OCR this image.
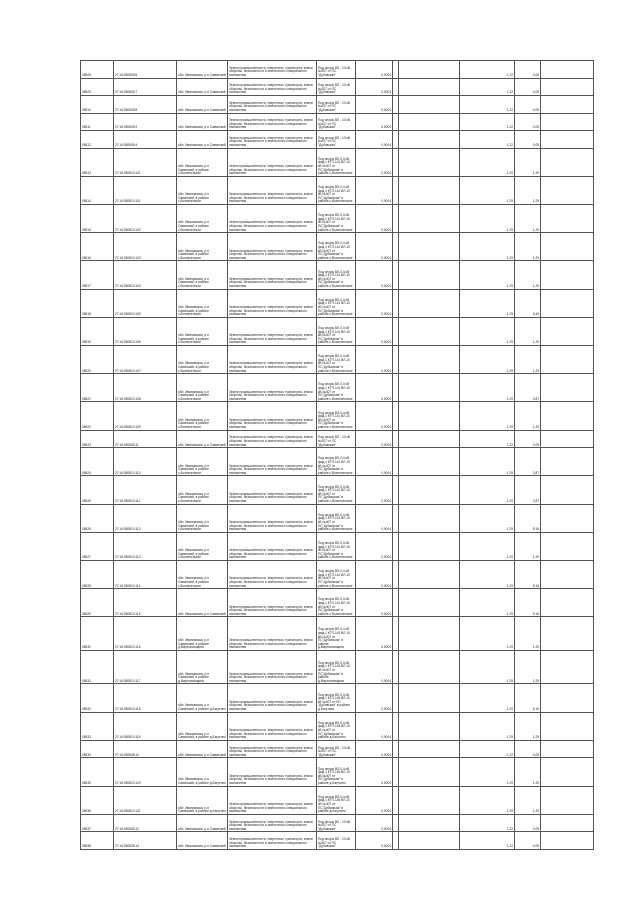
08508	27:16:050805:6	обл. Ивановская, р-н Савинский	Земли промышленности, энергетики, транспорта, земли обороны, безопасности и земли иного специального назначения	Под опоры ВЛ - 10 кВ №407 от ПС "Дубовская"	0,0004			1,22	0,05	
08509	27:16:050805:7	обл. Ивановская, р-н Савинский	Земли промышленности, энергетики, транспорта, земли обороны, безопасности и земли иного специального назначения	Под опоры ВЛ - 10 кВ №407 от ПС "Дубовская"	0,0004			1,22	0,05	
08510	27:16:050805:8	обл. Ивановская, р-н Савинский	Земли промышленности, энергетики, транспорта, земли обороны, безопасности и земли иного специального назначения	Под опоры ВЛ - 10 кВ №407 от ПС "Дубовская"	0,0004			1,22	0,05	
08511	27:16:050805:9	обл. Ивановская, р-н Савинский	Земли промышленности, энергетики, транспорта, земли обороны, безопасности и земли иного специального назначения	Под опоры ВЛ - 10 кВ №407 от ПС "Дубовская"	0,0004			1,22	0,05	
08512	27:16:050805:4	обл. Ивановская, р-н Савинский	Земли промышленности, энергетики, транспорта, земли обороны, безопасности и земли иного специального назначения	Под опоры ВЛ - 10 кВ №407 от ПС "Дубовская"	0,0004			1,22	0,05	
08513	27:16:050810:101	обл. Ивановская, р-н Савинский, в районе с.Вознесенское	Земли промышленности, энергетики, транспорта, земли обороны, безопасности и земли иного специального назначения	Под опоры ВЛ-0,4 кВ фид.1 КТП-141 ВЛ-10 кВ №407 от ПС"Дубовская" в районе с.Вознесенское	0,0004			1,29	1,29	
08514	27:16:050810:101	обл. Ивановская, р-н Савинский, в районе с.Вознесенское	Земли промышленности, энергетики, транспорта, земли обороны, безопасности и земли иного специального назначения	Под опоры ВЛ-0,4 кВ фид.1 КТП-141 ВЛ-10 кВ №407 от ПС"Дубовская" в районе с.Вознесенское	0,0004			1,29	1,29	
08515	27:16:050810:102	обл. Ивановская, р-н Савинский, в районе с.Вознесенское	Земли промышленности, энергетики, транспорта, земли обороны, безопасности и земли иного специального назначения	Под опоры ВЛ-0,4 кВ фид.1 КТП-141 ВЛ-10 кВ №407 от ПС"Дубовская" в районе с.Вознесенское	0,0004			1,29	1,29	
08516	27:16:050810:103	обл. Ивановская, р-н Савинский, в районе с.Вознесенское	Земли промышленности, энергетики, транспорта, земли обороны, безопасности и земли иного специального назначения	Под опоры ВЛ-0,4 кВ фид.1 КТП-141 ВЛ-10 кВ №407 от ПС"Дубовская" в районе с.Вознесенское	0,0004			1,29	1,29	
08517	27:16:050810:104	обл. Ивановская, р-н Савинский, в районе с.Вознесенское	Земли промышленности, энергетики, транспорта, земли обороны, безопасности и земли иного специального назначения	Под опоры ВЛ-0,4 кВ фид.1 КТП-141 ВЛ-10 кВ №407 от ПС"Дубовская" в районе с.Вознесенское	0,0004			1,29	1,29	
08518	27:16:050810:105	обл. Ивановская, р-н Савинский, в районе с.Вознесенское	Земли промышленности, энергетики, транспорта, земли обороны, безопасности и земли иного специального назначения	Под опоры ВЛ-0,4 кВ фид.1 КТП-141 ВЛ-10 кВ №407 от ПС"Дубовская" в районе с.Вознесенское	0,0004			1,29	5,45	
08519	27:16:050810:106	обл. Ивановская, р-н Савинский, в районе с.Вознесенское	Земли промышленности, энергетики, транспорта, земли обороны, безопасности и земли иного специального назначения	Под опоры ВЛ-0,4 кВ фид.1 КТП-141 ВЛ-10 кВ №407 от ПС"Дубовская" в районе с.Вознесенское	0,0004			1,29	1,29	
08520	27:16:050810:107	обл. Ивановская, р-н Савинский, в районе с.Вознесенское	Земли промышленности, энергетики, транспорта, земли обороны, безопасности и земли иного специального назначения	Под опоры ВЛ-0,4 кВ фид.1 КТП-141 ВЛ-10 кВ №407 от ПС"Дубовская" в районе с.Вознесенское	0,0004			1,29	1,29	
08521	27:16:050810:108	обл. Ивановская, р-н Савинский, в районе с.Вознесенское	Земли промышленности, энергетики, транспорта, земли обороны, безопасности и земли иного специального назначения	Под опоры ВЛ-0,4 кВ фид.1 КТП-141 ВЛ-10 кВ №407 от ПС"Дубовская" в районе с.Вознесенское	0,0004			1,29	3,87	
08522	27:16:050810:109	обл. Ивановская, р-н Савинский, в районе с.Вознесенское	Земли промышленности, энергетики, транспорта, земли обороны, безопасности и земли иного специального назначения	Под опоры ВЛ-0,4 кВ фид.1 КТП-141 ВЛ-10 кВ №407 от ПС"Дубовская" в районе с.Вознесенское	0,0004			1,29	1,29	
08523	27:16:050805:11	обл. Ивановская, р-н Савинский	Земли промышленности, энергетики, транспорта, земли обороны, безопасности и земли иного специального назначения	Под опоры ВЛ - 10 кВ №407 от ПС "Дубовская"	0,0004			1,22	0,05	
08524	27:16:050810:110	обл. Ивановская, р-н Савинский, в районе с.Вознесенское	Земли промышленности, энергетики, транспорта, земли обороны, безопасности и земли иного специального назначения	Под опоры ВЛ-0,4 кВ фид.1 КТП-141 ВЛ-10 кВ №407 от ПС"Дубовская" в районе с.Вознесенское	0,0004			1,29	3,87	
08525	27:16:050810:111	обл. Ивановская, р-н Савинский, в районе с.Вознесенское	Земли промышленности, энергетики, транспорта, земли обороны, безопасности и земли иного специального назначения	Под опоры ВЛ-0,4 кВ фид.1 КТП-141 ВЛ-10 кВ №407 от ПС"Дубовская" в районе с.Вознесенское	0,0004			1,29	3,87	
08526	27:16:050810:112	обл. Ивановская, р-н Савинский, в районе с.Вознесенское	Земли промышленности, энергетики, транспорта, земли обороны, безопасности и земли иного специального назначения	Под опоры ВЛ-0,4 кВ фид.1 КТП-141 ВЛ-10 кВ №407 от ПС"Дубовская" в районе с.Вознесенское	0,0004			1,29	5,16	
08527	27:16:050810:113	обл. Ивановская, р-н Савинский, в районе с.Вознесенское	Земли промышленности, энергетики, транспорта, земли обороны, безопасности и земли иного специального назначения	Под опоры ВЛ-0,4 кВ фид.1 КТП-141 ВЛ-10 кВ №407 от ПС"Дубовская" в районе с.Вознесенское	0,0004			1,29	1,29	
08528	27:16:050810:114	обл. Ивановская, р-н Савинский, в районе с.Вознесенское	Земли промышленности, энергетики, транспорта, земли обороны, безопасности и земли иного специального назначения	Под опоры ВЛ-0,4 кВ фид.1 КТП-141 ВЛ-10 кВ №407 от ПС"Дубовская" в районе с.Вознесенское	0,0004			1,29	5,16	
08529	27:16:050810:115	обл. Ивановская, р-н Савинский	Земли промышленности, энергетики, транспорта, земли обороны, безопасности и земли иного специального назначения	Под опоры ВЛ-0,4 кВ фид.1 КТП-141 ВЛ-10 кВ №407 от ПС"Дубовская" в районе с.Вознесенское	0,0004			1,29	5,16	
08530	27:16:050810:116	обл. Ивановская, р-н Савинский, в районе д.Мартыновщина	Земли промышленности, энергетики, транспорта, земли обороны, безопасности и земли иного специального назначения	Под опоры ВЛ-0,4 кВ фид.1 КТП-143 ВЛ-10 кВ №407 от ПС"Дубовская" в районе д.Мартыновщина	0,0004			1,29	1,29	
08531	27:16:050810:117	обл. Ивановская, р-н Савинский, в районе д.Мартыновщина	Земли промышленности, энергетики, транспорта, земли обороны, безопасности и земли иного специального назначения	Под опоры ВЛ-0,4 кВ фид.1 КТП-143 ВЛ-10 кВ №407 от ПС"Дубовская" в районе д.Мартыновщина	0,0004			1,29	1,29	
08532	27:16:050810:118	обл. Ивановская, р-н Савинский, в районе д.Багутино	Земли промышленности, энергетики, транспорта, земли обороны, безопасности и земли иного специального назначения	Под опоры ВЛ-0,4 кВ фид.1 КТП-145 ВЛ-10 кВ №407 от ПС "Дубовская" в районе д.Багутино	0,0004			1,29	5,16	
08533	27:16:050810:119	обл. Ивановская, р-н Савинский, в районе д.Багутино	Земли промышленности, энергетики, транспорта, земли обороны, безопасности и земли иного специального назначения	Под опоры ВЛ-0,4 кВ фид.1 КТП-145 ВЛ-10 кВ №407 от ПС"Дубовская" в районе д.Багутино	0,0004			1,29	1,29	
08534	27:16:050805:10	обл. Ивановская, р-н Савинский	Земли промышленности, энергетики, транспорта, земли обороны, безопасности и земли иного специального назначения	Под опоры ВЛ - 10 кВ №407 от ПС "Дубовская"	0,0004			1,22	0,05	
08535	27:16:050810:120	обл. Ивановская, р-н Савинский, в районе д.Багутино	Земли промышленности, энергетики, транспорта, земли обороны, безопасности и земли иного специального назначения	Под опоры ВЛ-0,4 кВ фид.1 КТП-145 ВЛ-10 кВ №407 от ПС"Дубовская" в районе д.Багутино	0,0004			1,29	1,29	
08536	27:16:050810:121	обл. Ивановская, р-н Савинский, в районе д.Багутино	Земли промышленности, энергетики, транспорта, земли обороны, безопасности и земли иного специального назначения	Под опоры ВЛ-0,4 кВ фид.1 КТП-145 ВЛ-10 кВ №407 от ПС"Дубовская" в районе д.Багутино	0,0004			1,29	1,29	
08537	27:16:050805:12	обл. Ивановская, р-н Савинский	Земли промышленности, энергетики, транспорта, земли обороны, безопасности и земли иного специального назначения	Под опоры ВЛ - 10 кВ №407 от ПС "Дубовская"	0,0004			1,22	0,05	
08538	27:16:050805:14	обл. Ивановская, р-н Савинский	Земли промышленности, энергетики, транспорта, земли обороны, безопасности и земли иного специального назначения	Под опоры ВЛ - 10 кВ №407 от ПС "Дубовская"	0,0004			1,22	0,05	
